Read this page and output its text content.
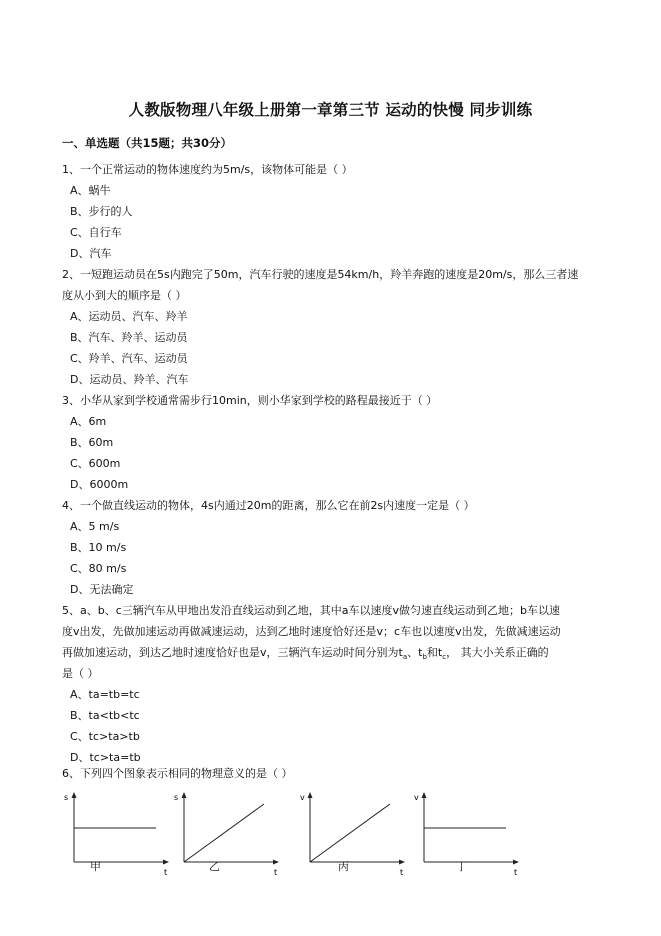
人教版物理八年级上册第一章第三节 运动的快慢 同步训练
一、单选题（共15题；共30分）
1、一个正常运动的物体速度约为5m/s，该物体可能是（ ）
A、蜗牛
B、步行的人
C、自行车
D、汽车
2、一短跑运动员在5s内跑完了50m，汽车行驶的速度是54km/h，羚羊奔跑的速度是20m/s，那么三者速
度从小到大的顺序是（ ）
A、运动员、汽车、羚羊
B、汽车、羚羊、运动员
C、羚羊、汽车、运动员
D、运动员、羚羊、汽车
3、小华从家到学校通常需步行10min，则小华家到学校的路程最接近于（ ）
A、6m
B、60m
C、600m
D、6000m
4、一个做直线运动的物体，4s内通过20m的距离，那么它在前2s内速度一定是（ ）
A、5 m/s
B、10 m/s
C、80 m/s
D、无法确定
5、a、b、c三辆汽车从甲地出发沿直线运动到乙地，其中a车以速度v做匀速直线运动到乙地；b车以速
度v出发，先做加速运动再做减速运动，达到乙地时速度恰好还是v；c车也以速度v出发，先做减速运动
再做加速运动，到达乙地时速度恰好也是v，三辆汽车运动时间分别为$t_a$、$t_b$和$t_c$， 其大小关系正确的
是（ ）
A、ta=tb=tc
B、ta<tb<tc
C、tc>ta>tb
D、tc>ta=tb
6、下列四个图象表示相同的物理意义的是（ ）
s
t
甲
s
t
乙
v
t
丙
v
t
丁
